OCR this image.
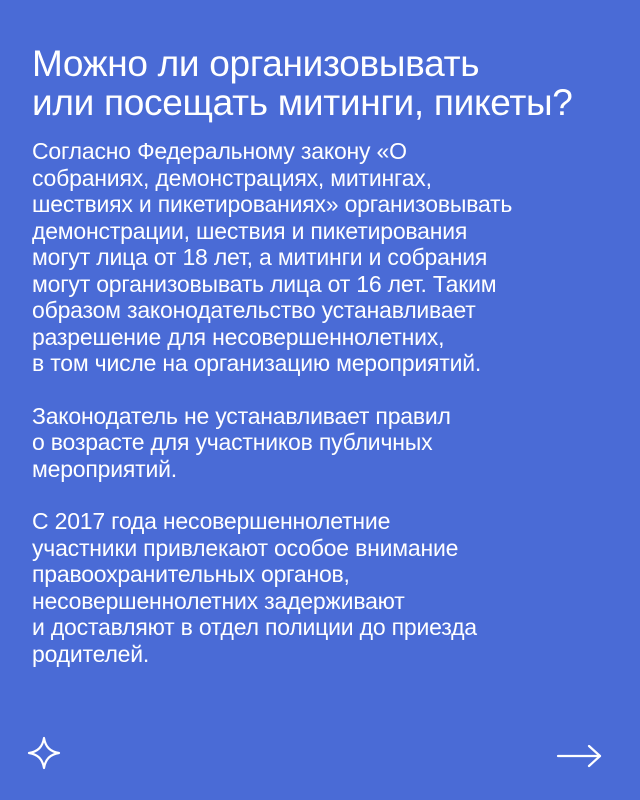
Можно ли организовывать
или посещать митинги, пикеты?

Согласно Федеральному закону «О
собраниях, демонстрациях, митингах,
шествиях и пикетированиях» организовывать
демонстрации, шествия и пикетирования
могут лица от 18 лет, а митинги и собрания
могут организовывать лица от 16 лет. Таким
образом законодательство устанавливает
разрешение для несовершеннолетних,
в том числе на организацию мероприятий.

Законодатель не устанавливает правил
о возрасте для участников публичных
мероприятий.

С 2017 года несовершеннолетние
участники привлекают особое внимание
правоохранительных органов,
несовершеннолетних задерживают
и доставляют в отдел полиции до приезда
родителей.
